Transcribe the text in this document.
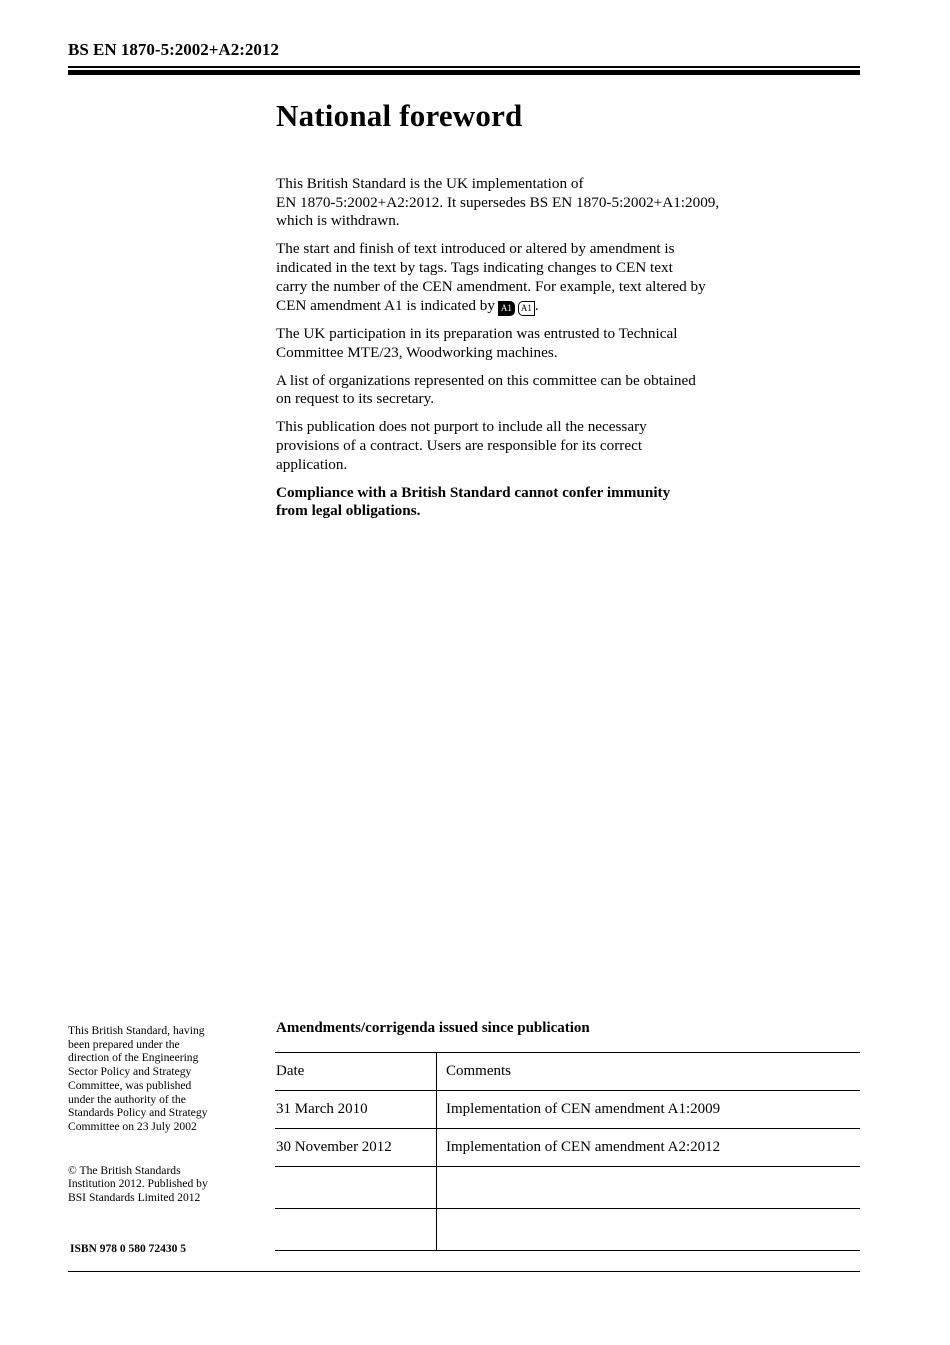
BS EN 1870-5:2002+A2:2012
National foreword

This British Standard is the UK implementation of
EN 1870-5:2002+A2:2012. It supersedes BS EN 1870-5:2002+A1:2009,
which is withdrawn.

The start and finish of text introduced or altered by amendment is
indicated in the text by tags. Tags indicating changes to CEN text
carry the number of the CEN amendment. For example, text altered by
CEN amendment A1 is indicated by A1 A1 .

The UK participation in its preparation was entrusted to Technical
Committee MTE/23, Woodworking machines.

A list of organizations represented on this committee can be obtained
on request to its secretary.

This publication does not purport to include all the necessary
provisions of a contract. Users are responsible for its correct
application.

Compliance with a British Standard cannot confer immunity
from legal obligations.

This British Standard, having
been prepared under the
direction of the Engineering
Sector Policy and Strategy
Committee, was published
under the authority of the
Standards Policy and Strategy
Committee on 23 July 2002

© The British Standards
Institution 2012. Published by
BSI Standards Limited 2012

ISBN 978 0 580 72430 5
Amendments/corrigenda issued since publication
Date	Comments
31 March 2010	Implementation of CEN amendment A1:2009
30 November 2012	Implementation of CEN amendment A2:2012
